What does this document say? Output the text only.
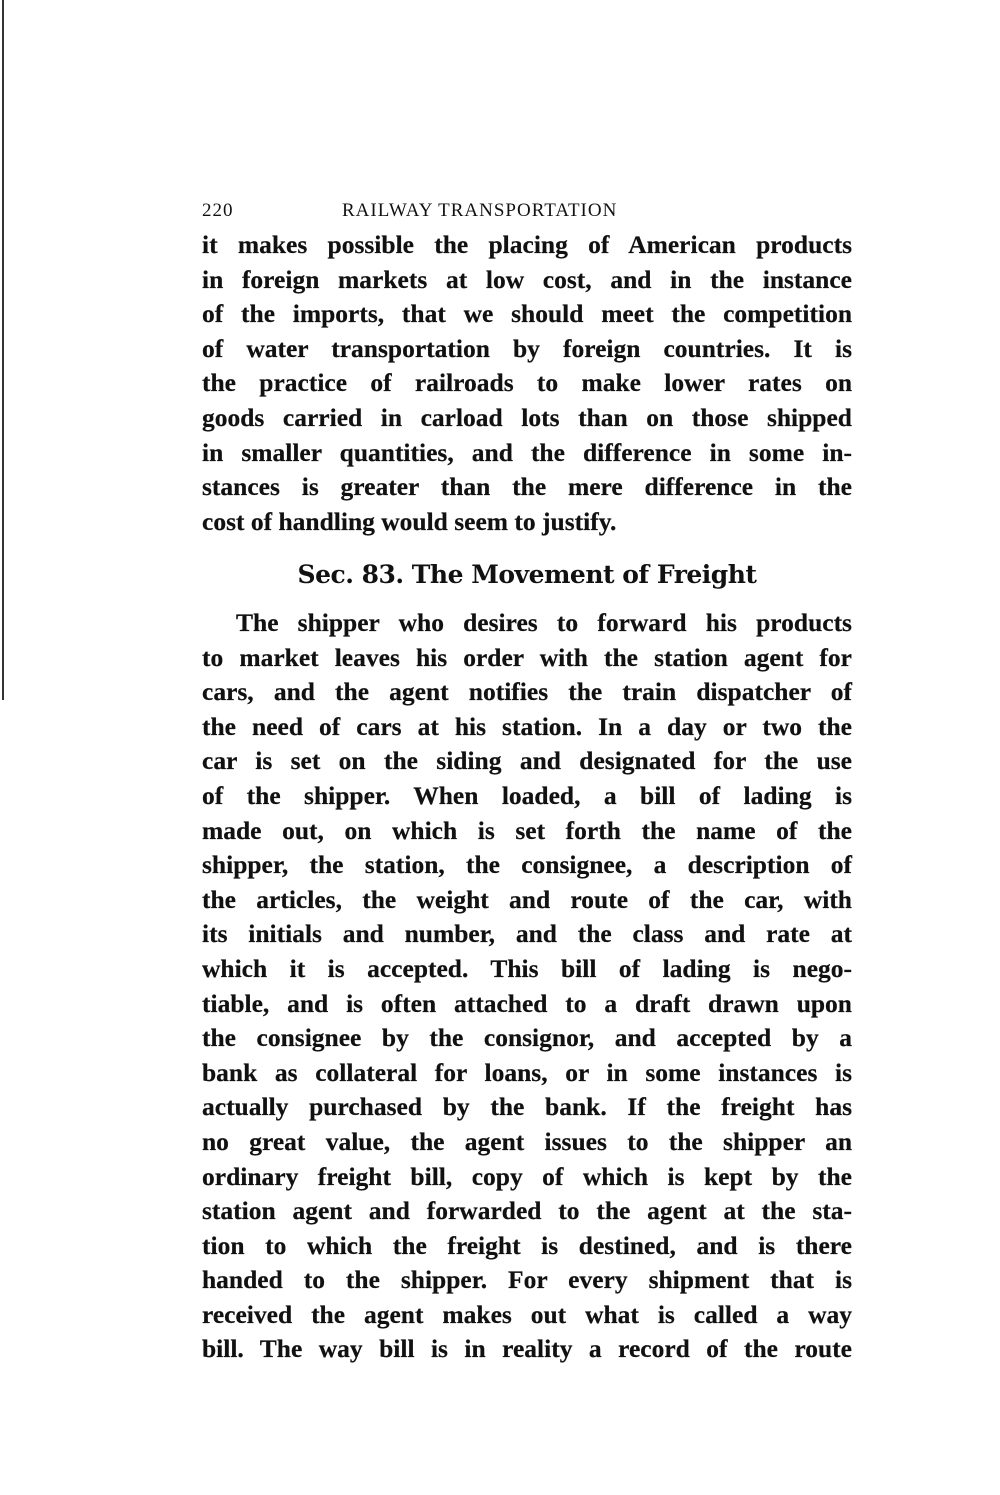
220	RAILWAY TRANSPORTATION
it makes possible the placing of American products
in foreign markets at low cost, and in the instance
of the imports, that we should meet the competition
of water transportation by foreign countries. It is
the practice of railroads to make lower rates on
goods carried in carload lots than on those shipped
in smaller quantities, and the difference in some in-
stances is greater than the mere difference in the
cost of handling would seem to justify.
Sec. 83. The Movement of Freight
The shipper who desires to forward his products
to market leaves his order with the station agent for
cars, and the agent notifies the train dispatcher of
the need of cars at his station. In a day or two the
car is set on the siding and designated for the use
of the shipper. When loaded, a bill of lading is
made out, on which is set forth the name of the
shipper, the station, the consignee, a description of
the articles, the weight and route of the car, with
its initials and number, and the class and rate at
which it is accepted. This bill of lading is nego-
tiable, and is often attached to a draft drawn upon
the consignee by the consignor, and accepted by a
bank as collateral for loans, or in some instances is
actually purchased by the bank. If the freight has
no great value, the agent issues to the shipper an
ordinary freight bill, copy of which is kept by the
station agent and forwarded to the agent at the sta-
tion to which the freight is destined, and is there
handed to the shipper. For every shipment that is
received the agent makes out what is called a way
bill. The way bill is in reality a record of the route
